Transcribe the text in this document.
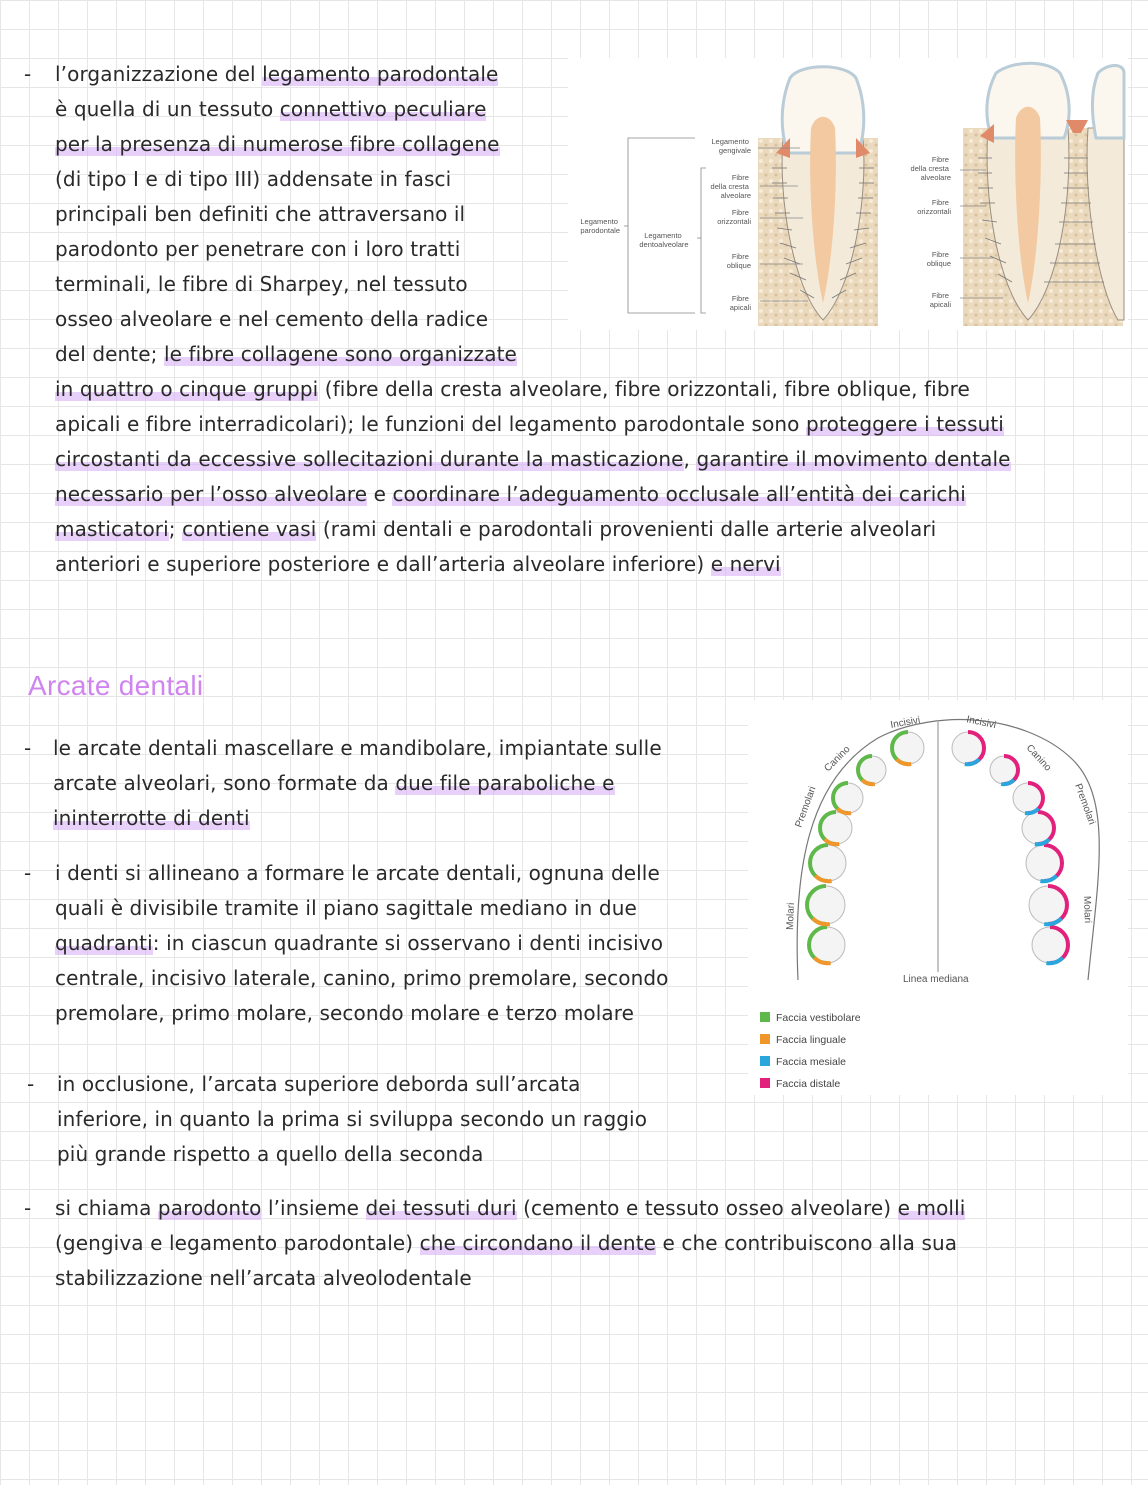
- l’organizzazione del legamento parodontale
è quella di un tessuto connettivo peculiare
per la presenza di numerose fibre collagene
(di tipo I e di tipo III) addensate in fasci
principali ben definiti che attraversano il
parodonto per penetrare con i loro tratti
terminali, le fibre di Sharpey, nel tessuto
osseo alveolare e nel cemento della radice
del dente; le fibre collagene sono organizzate
in quattro o cinque gruppi (fibre della cresta alveolare, fibre orizzontali, fibre oblique, fibre
apicali e fibre interradicolari); le funzioni del legamento parodontale sono proteggere i tessuti
circostanti da eccessive sollecitazioni durante la masticazione, garantire il movimento dentale
necessario per l’osso alveolare e coordinare l’adeguamento occlusale all’entità dei carichi
masticatori; contiene vasi (rami dentali e parodontali provenienti dalle arterie alveolari
anteriori e superiore posteriore e dall’arteria alveolare inferiore) e nervi
Legamento parodontale
Legamento dentoalveolare
Legamento gengivale
Fibre della cresta alveolare
Fibre orizzontali
Fibre oblique
Fibre apicali
Fibre della cresta alveolare
Fibre orizzontali
Fibre oblique
Fibre apicali
Arcate dentali
- le arcate dentali mascellare e mandibolare, impiantate sulle
arcate alveolari, sono formate da due file paraboliche e
ininterrotte di denti
- i denti si allineano a formare le arcate dentali, ognuna delle
quali è divisibile tramite il piano sagittale mediano in due
quadranti: in ciascun quadrante si osservano i denti incisivo
centrale, incisivo laterale, canino, primo premolare, secondo
premolare, primo molare, secondo molare e terzo molare
- in occlusione, l’arcata superiore deborda sull’arcata
inferiore, in quanto la prima si sviluppa secondo un raggio
più grande rispetto a quello della seconda
- si chiama parodonto l’insieme dei tessuti duri (cemento e tessuto osseo alveolare) e molli
(gengiva e legamento parodontale) che circondano il dente e che contribuiscono alla sua
stabilizzazione nell’arcata alveolodentale
Incisivi	Incisivi
Canino	Canino
Premolari	Premolari
Molari	Molari
Linea mediana
Faccia vestibolare
Faccia linguale
Faccia mesiale
Faccia distale
